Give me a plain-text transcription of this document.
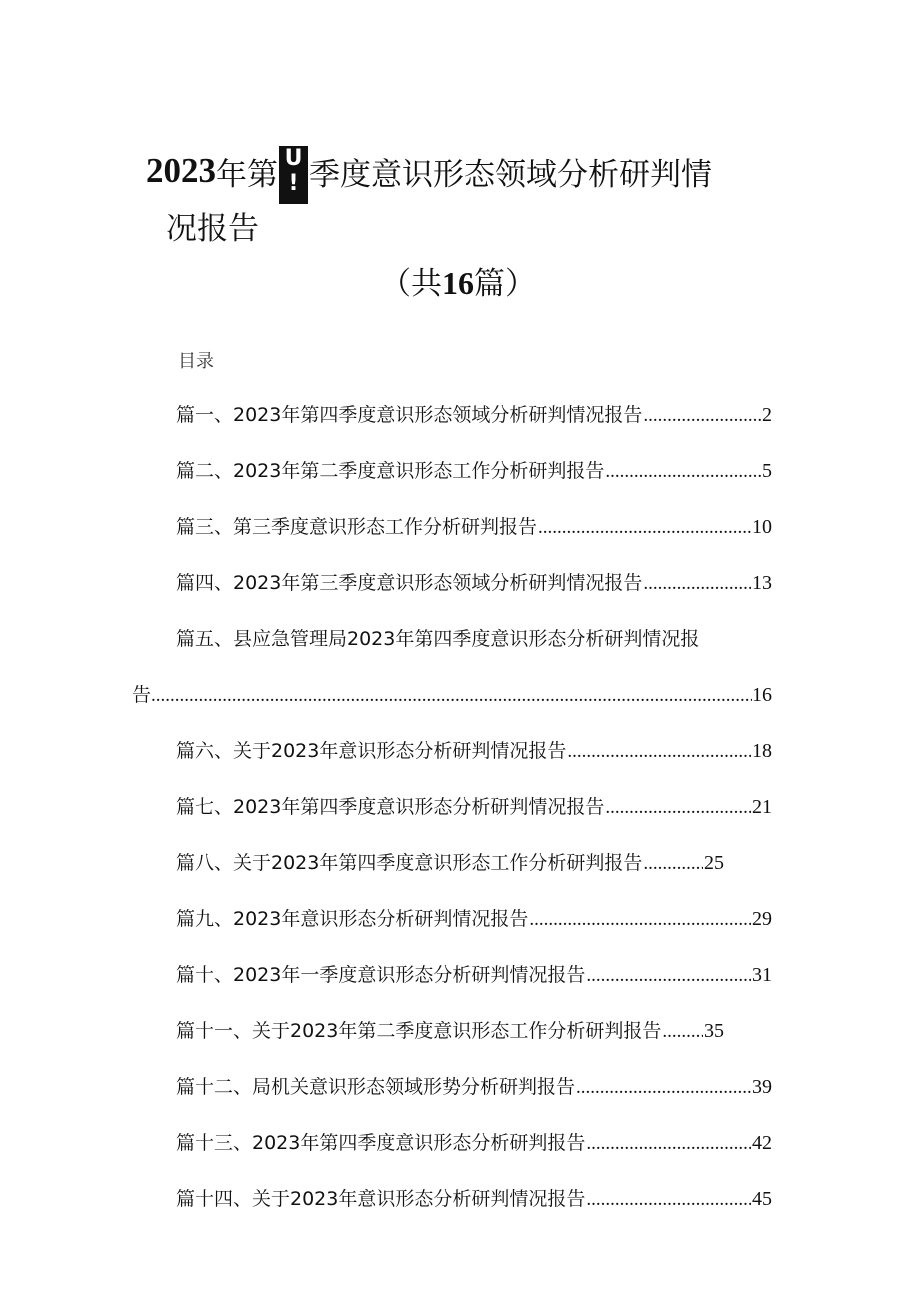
2023 年第 U
! 季度意识形态领域分析研判情
况报告
（共16篇）
目录
篇一、2023年第四季度意识形态领域分析研判情况报告 .....	2
篇二、2023年第二季度意识形态工作分析研判报告 .....	5
篇三、第三季度意识形态工作分析研判报告 .....	10
篇四、2023年第三季度意识形态领域分析研判情况报告 .....	13
篇五、县应急管理局2023年第四季度意识形态分析研判情况报
告 .....	16
篇六、关于2023年意识形态分析研判情况报告 .....	18
篇七、2023年第四季度意识形态分析研判情况报告 .....	21
篇八、关于2023年第四季度意识形态工作分析研判报告 .....	25
篇九、2023年意识形态分析研判情况报告 .....	29
篇十、2023年一季度意识形态分析研判情况报告 .....	31
篇十一、关于2023年第二季度意识形态工作分析研判报告 ..... 35
篇十二、局机关意识形态领域形势分析研判报告 .....	39
篇十三、2023年第四季度意识形态分析研判报告 .....	42
篇十四、关于2023年意识形态分析研判情况报告 .....	45
